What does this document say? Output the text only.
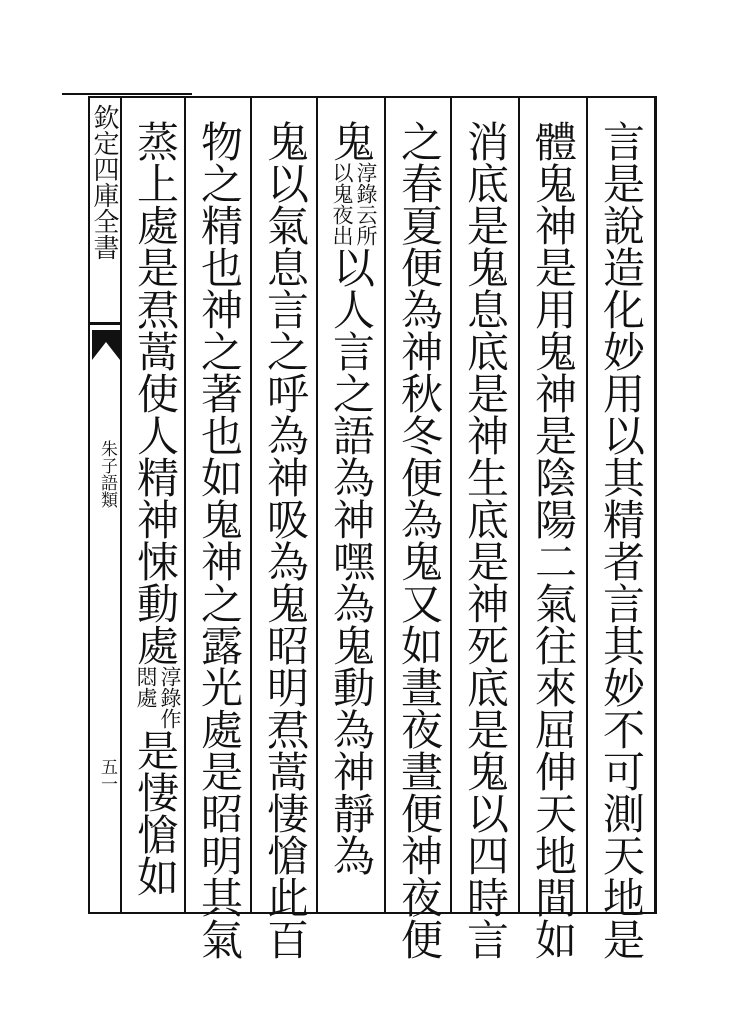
欽定四庫全書
朱子語類
五一	言是說造化妙用以其精者言其妙不可測天地是
體鬼神是用鬼神是陰陽二氣往來屈伸天地間如
消底是鬼息底是神生底是神死底是鬼以四時言
之春夏便為神秋冬便為鬼又如晝夜晝便神夜便
鬼
淳錄云所
以鬼夜出
以人言之語為神嘿為鬼動為神靜為
鬼以氣息言之呼為神吸為鬼昭明焄蒿悽愴此百
物之精也神之著也如鬼神之露光處是昭明其氣
蒸上處是焄蒿使人精神悚動處
淳錄作
悶處
是悽愴如
